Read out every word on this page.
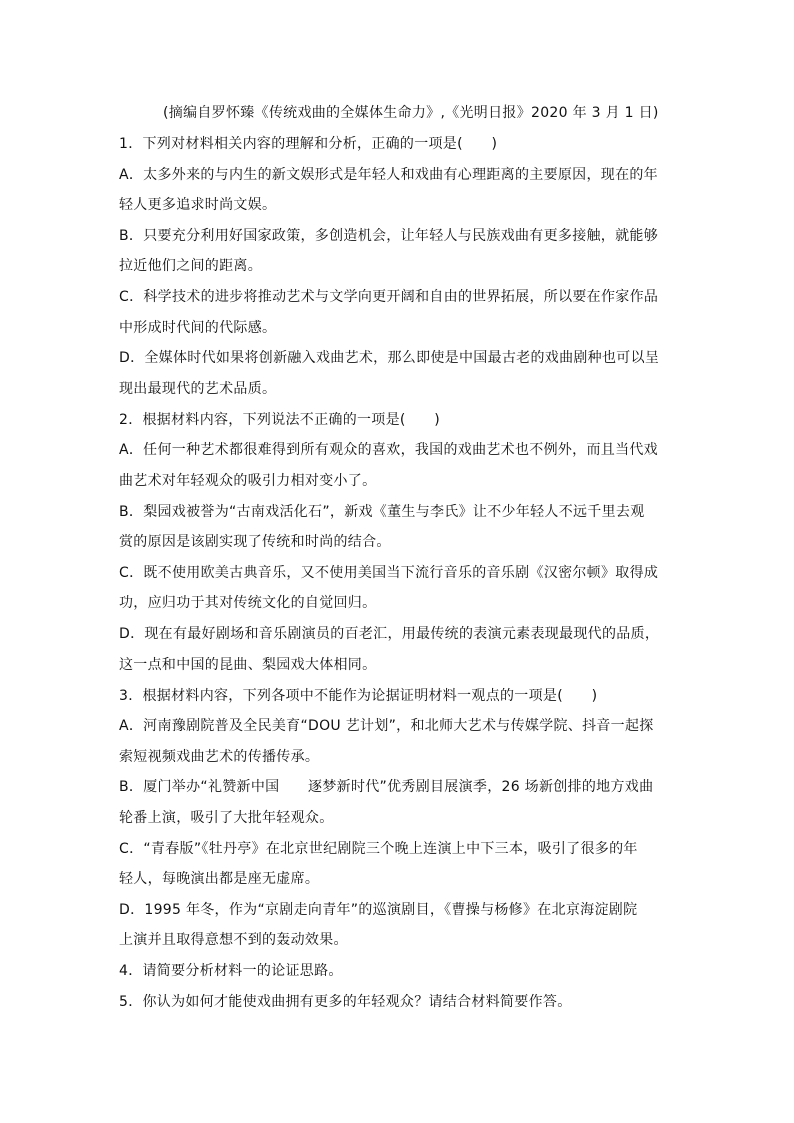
(摘编自罗怀臻《传统戏曲的全媒体生命力》,《光明日报》2020 年 3 月 1 日)
1．下列对材料相关内容的理解和分析，正确的一项是(　　)
A．太多外来的与内生的新文娱形式是年轻人和戏曲有心理距离的主要原因，现在的年
轻人更多追求时尚文娱。
B．只要充分利用好国家政策，多创造机会，让年轻人与民族戏曲有更多接触，就能够
拉近他们之间的距离。
C．科学技术的进步将推动艺术与文学向更开阔和自由的世界拓展，所以要在作家作品
中形成时代间的代际感。
D．全媒体时代如果将创新融入戏曲艺术，那么即使是中国最古老的戏曲剧种也可以呈
现出最现代的艺术品质。
2．根据材料内容，下列说法不正确的一项是(　　)
A．任何一种艺术都很难得到所有观众的喜欢，我国的戏曲艺术也不例外，而且当代戏
曲艺术对年轻观众的吸引力相对变小了。
B．梨园戏被誉为“古南戏活化石”，新戏《董生与李氏》让不少年轻人不远千里去观
赏的原因是该剧实现了传统和时尚的结合。
C．既不使用欧美古典音乐，又不使用美国当下流行音乐的音乐剧《汉密尔顿》取得成
功，应归功于其对传统文化的自觉回归。
D．现在有最好剧场和音乐剧演员的百老汇，用最传统的表演元素表现最现代的品质，
这一点和中国的昆曲、梨园戏大体相同。
3．根据材料内容，下列各项中不能作为论据证明材料一观点的一项是(　　)
A．河南豫剧院普及全民美育“DOU 艺计划”，和北师大艺术与传媒学院、抖音一起探
索短视频戏曲艺术的传播传承。
B．厦门举办“礼赞新中国　　逐梦新时代”优秀剧目展演季，26 场新创排的地方戏曲
轮番上演，吸引了大批年轻观众。
C．“青春版”《牡丹亭》在北京世纪剧院三个晚上连演上中下三本，吸引了很多的年
轻人，每晚演出都是座无虚席。
D．1995 年冬，作为“京剧走向青年”的巡演剧目，《曹操与杨修》在北京海淀剧院
上演并且取得意想不到的轰动效果。
4．请简要分析材料一的论证思路。
5．你认为如何才能使戏曲拥有更多的年轻观众？请结合材料简要作答。
